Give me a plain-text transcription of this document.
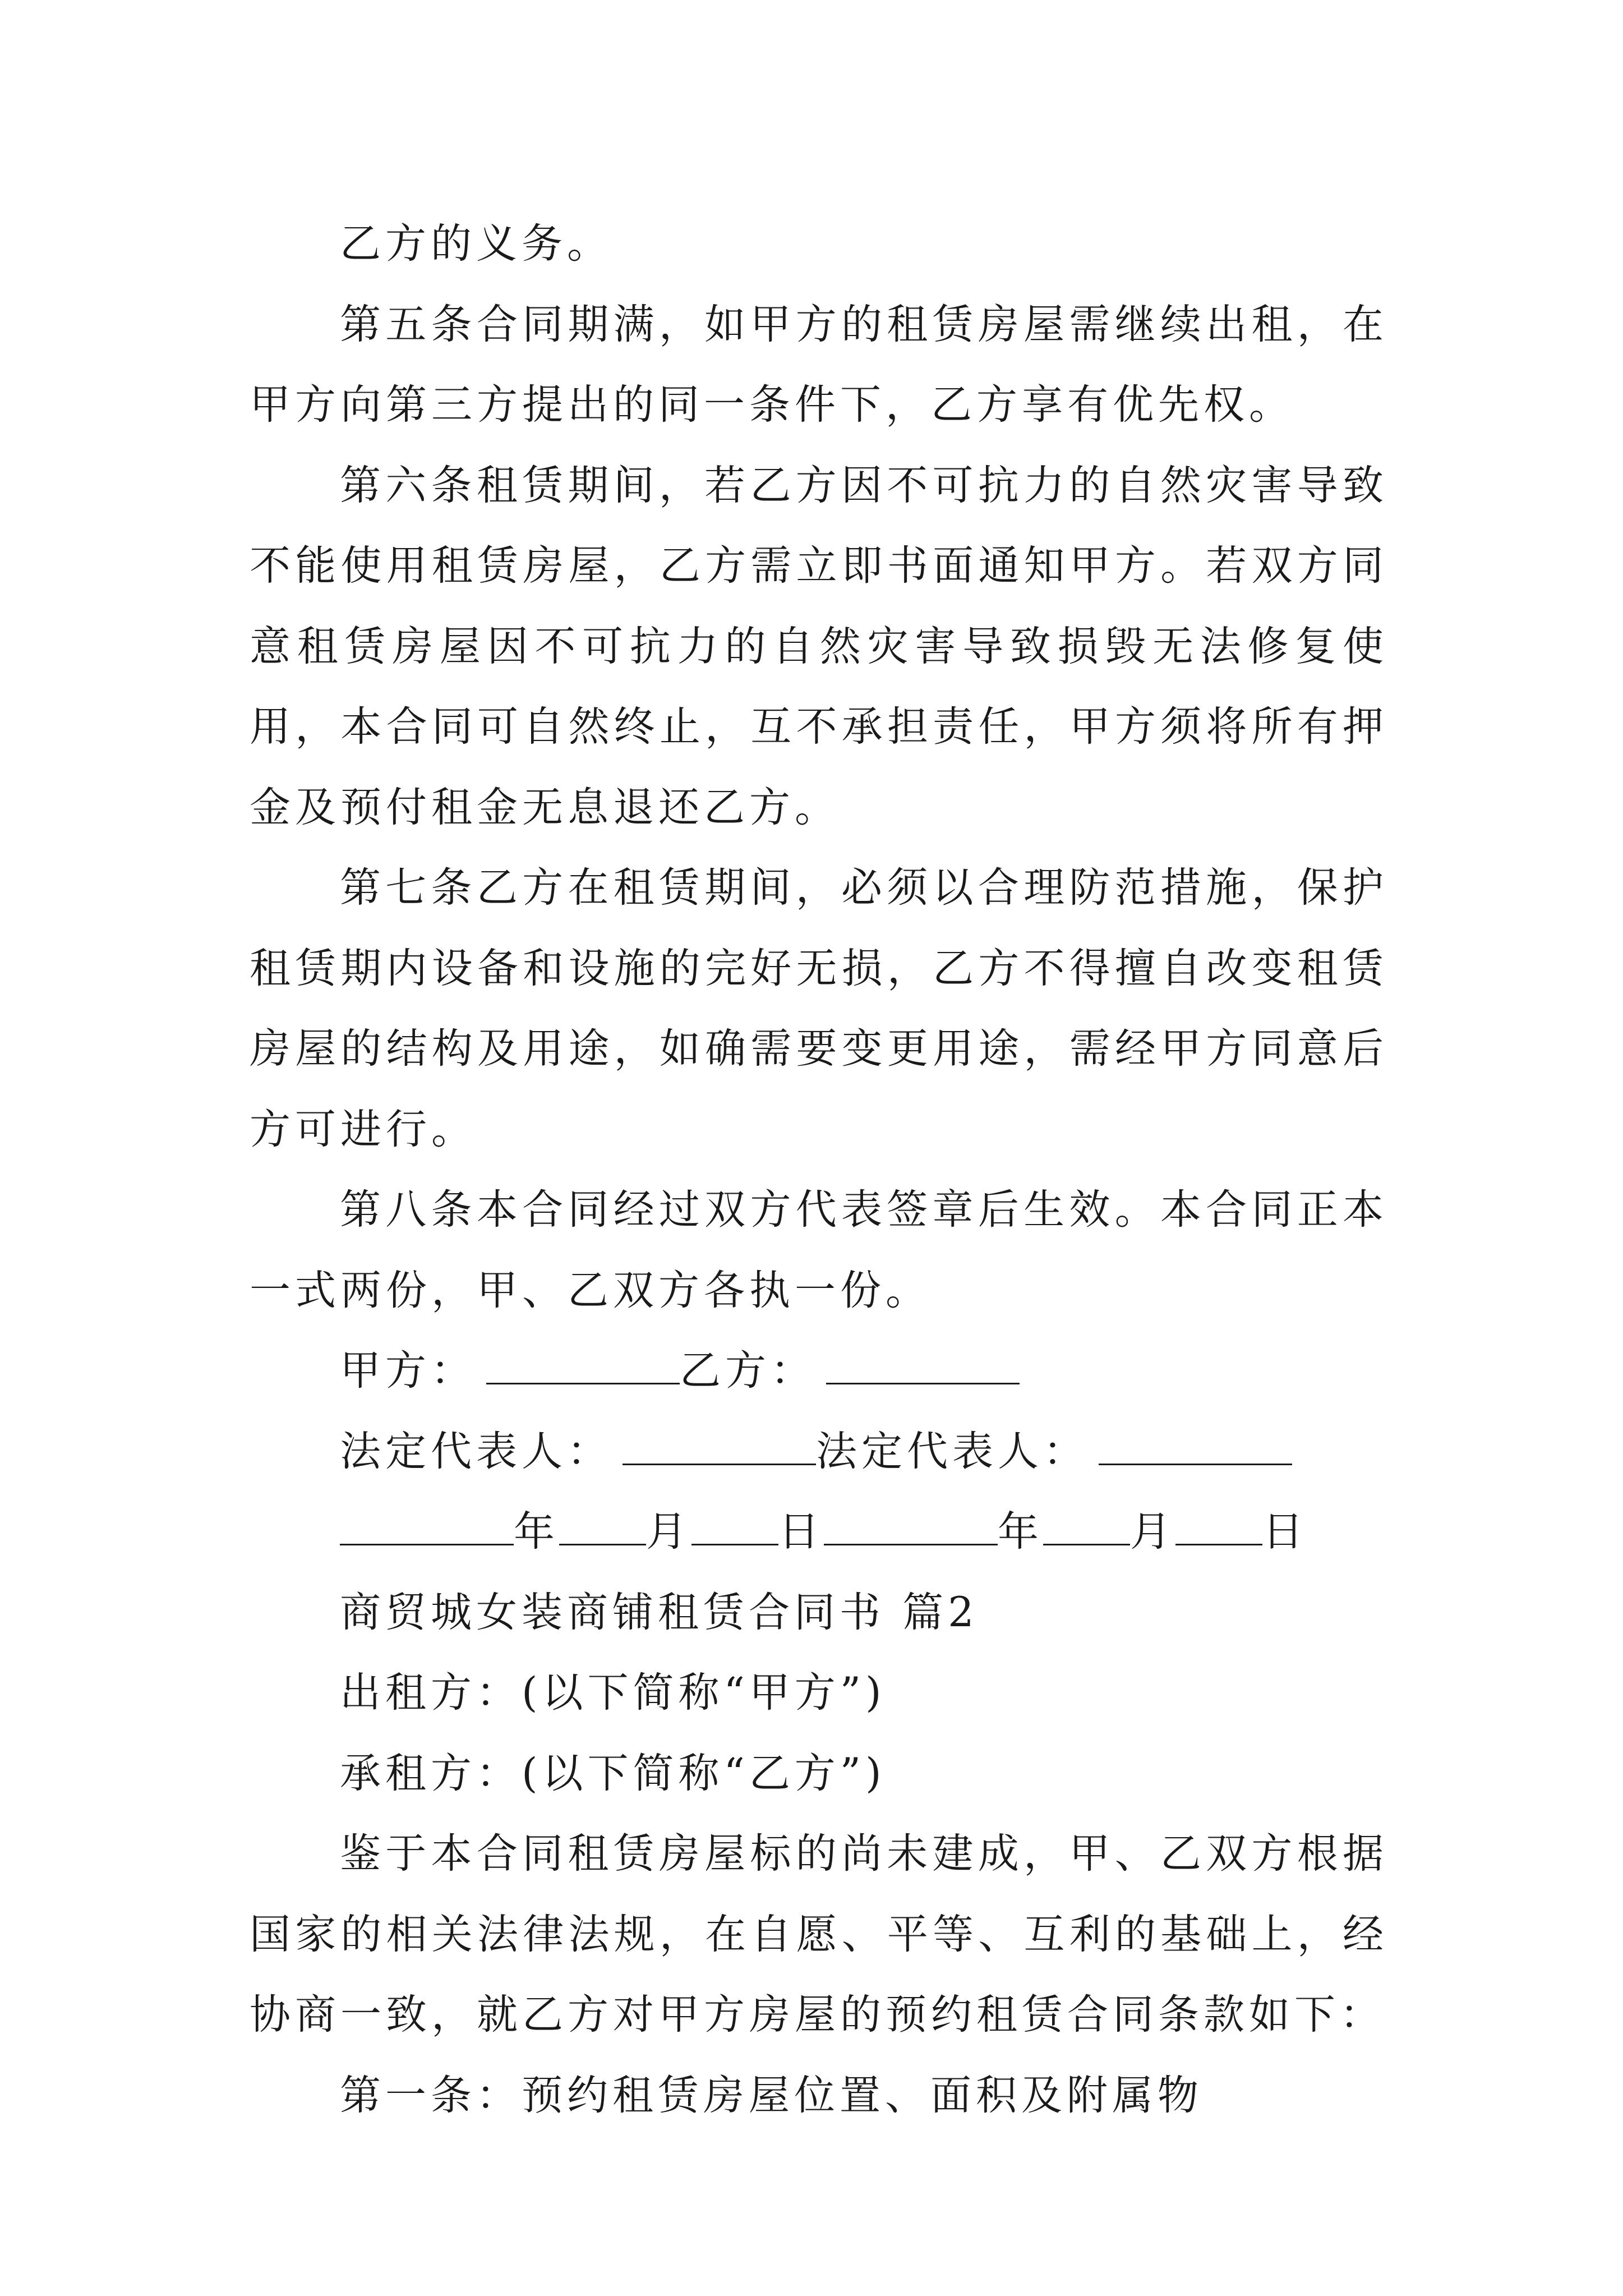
乙方的义务。

第五条合同期满，如甲方的租赁房屋需继续出租，在甲方向第三方提出的同一条件下，乙方享有优先权。

第六条租赁期间，若乙方因不可抗力的自然灾害导致不能使用租赁房屋，乙方需立即书面通知甲方。若双方同意租赁房屋因不可抗力的自然灾害导致损毁无法修复使用，本合同可自然终止，互不承担责任，甲方须将所有押金及预付租金无息退还乙方。

第七条乙方在租赁期间，必须以合理防范措施，保护租赁期内设备和设施的完好无损，乙方不得擅自改变租赁房屋的结构及用途，如确需要变更用途，需经甲方同意后方可进行。

第八条本合同经过双方代表签章后生效。本合同正本一式两份，甲、乙双方各执一份。

甲方：	乙方：
法定代表人：	法定代表人：
年 月 日	年 月 日
商贸城女装商铺租赁合同书 篇2
出租方：(以下简称“甲方”)
承租方：(以下简称“乙方”)

鉴于本合同租赁房屋标的尚未建成，甲、乙双方根据国家的相关法律法规，在自愿、平等、互利的基础上，经协商一致，就乙方对甲方房屋的预约租赁合同条款如下：

第一条：预约租赁房屋位置、面积及附属物
